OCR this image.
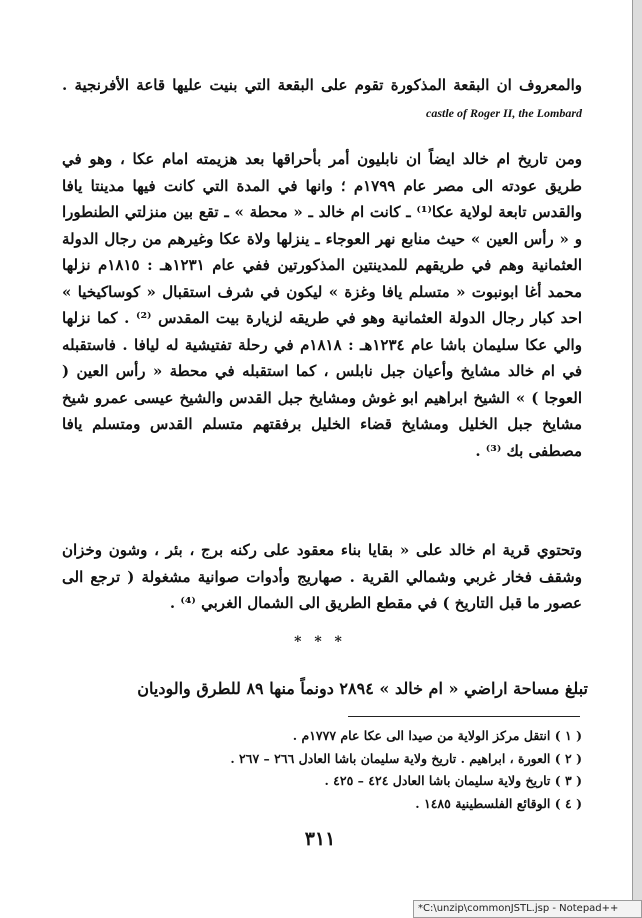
والمعروف ان البقعة المذكورة تقوم على البقعة التي بنيت عليها قاعة الأفرنجية . castle of Roger II, the Lombard

ومن تاريخ ام خالد ايضاً ان نابليون أمر بأحراقها بعد هزيمته امام عكا ، وهو في طريق عودته الى مصر عام ١٧٩٩م ؛ وانها في المدة التي كانت فيها مدينتا يافا والقدس تابعة لولاية عكا⁽¹⁾ ـ كانت ام خالد ـ « محطة » ـ تقع بين منزلتي الطنطورا و « رأس العين » حيث منابع نهر العوجاء ـ ينزلها ولاة عكا وغيرهم من رجال الدولة العثمانية وهم في طريقهم للمدينتين المذكورتين ففي عام ١٢٣١هـ : ١٨١٥م نزلها محمد أغا ابونبوت « متسلم يافا وغزة » ليكون في شرف استقبال « كوساكيخيا » احد كبار رجال الدولة العثمانية وهو في طريقه لزيارة بيت المقدس ⁽²⁾ . كما نزلها والي عكا سليمان باشا عام ١٢٣٤هـ : ١٨١٨م في رحلة تفتيشية له ليافا . فاستقبله في ام خالد مشايخ وأعيان جبل نابلس ، كما استقبله في محطة « رأس العين ( العوجا ) » الشيخ ابراهيم ابو غوش ومشايخ جبل القدس والشيخ عيسى عمرو شيخ مشايخ جبل الخليل ومشايخ قضاء الخليل برفقتهم متسلم القدس ومتسلم يافا مصطفى بك ⁽³⁾ .

وتحتوي قرية ام خالد على « بقايا بناء معقود على ركنه برج ، بئر ، وشون وخزان وشقف فخار غربي وشمالي القرية . صهاريج وأدوات صوانية مشغولة ( ترجع الى عصور ما قبل التاريخ ) في مقطع الطريق الى الشمال الغربي ⁽⁴⁾ .

* * *
تبلغ مساحة اراضي « ام خالد » ٢٨٩٤ دونماً منها ٨٩ للطرق والوديان
( ١ ) انتقل مركز الولاية من صيدا الى عكا عام ١٧٧٧م .
( ٢ ) العورة ، ابراهيم . تاريخ ولاية سليمان باشا العادل ٢٦٦ – ٢٦٧ .
( ٣ ) تاريخ ولاية سليمان باشا العادل ٤٢٤ – ٤٢٥ .
( ٤ ) الوقائع الفلسطينية ١٤٨٥ .
٣١١
*C:\unzip\commonJSTL.jsp - Notepad++
